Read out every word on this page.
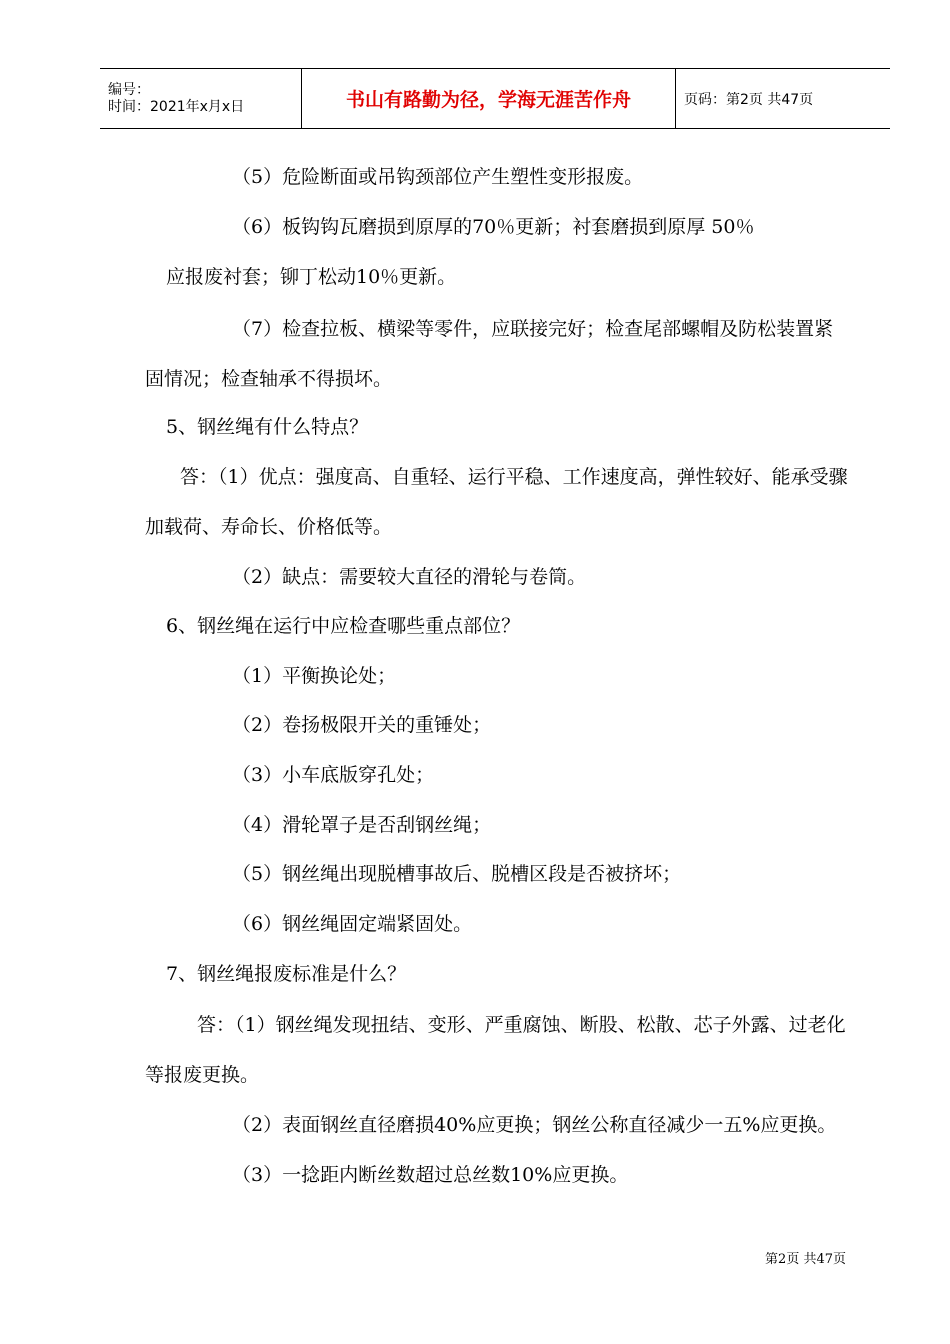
编号：
时间：2021年x月x日	书山有路勤为径，学海无涯苦作舟	页码：第2页 共47页
（5）危险断面或吊钩颈部位产生塑性变形报废。
（6）板钩钩瓦磨损到原厚的70％更新；衬套磨损到原厚 50％
应报废衬套；铆丁松动10％更新。
（7）检查拉板、横梁等零件，应联接完好；检查尾部螺帽及防松装置紧
固情况；检查轴承不得损坏。
5、钢丝绳有什么特点？
答：（1）优点：强度高、自重轻、运行平稳、工作速度高，弹性较好、能承受骤
加载荷、寿命长、价格低等。
（2）缺点：需要较大直径的滑轮与卷筒。
6、钢丝绳在运行中应检查哪些重点部位？
（1）平衡换论处；
（2）卷扬极限开关的重锤处；
（3）小车底版穿孔处；
（4）滑轮罩子是否刮钢丝绳；
（5）钢丝绳出现脱槽事故后、脱槽区段是否被挤坏；
（6）钢丝绳固定端紧固处。
7、钢丝绳报废标准是什么？
答：（1）钢丝绳发现扭结、变形、严重腐蚀、断股、松散、芯子外露、过老化
等报废更换。
（2）表面钢丝直径磨损40%应更换；钢丝公称直径减少一五%应更换。
（3）一捻距内断丝数超过总丝数10%应更换。
第2页 共47页
